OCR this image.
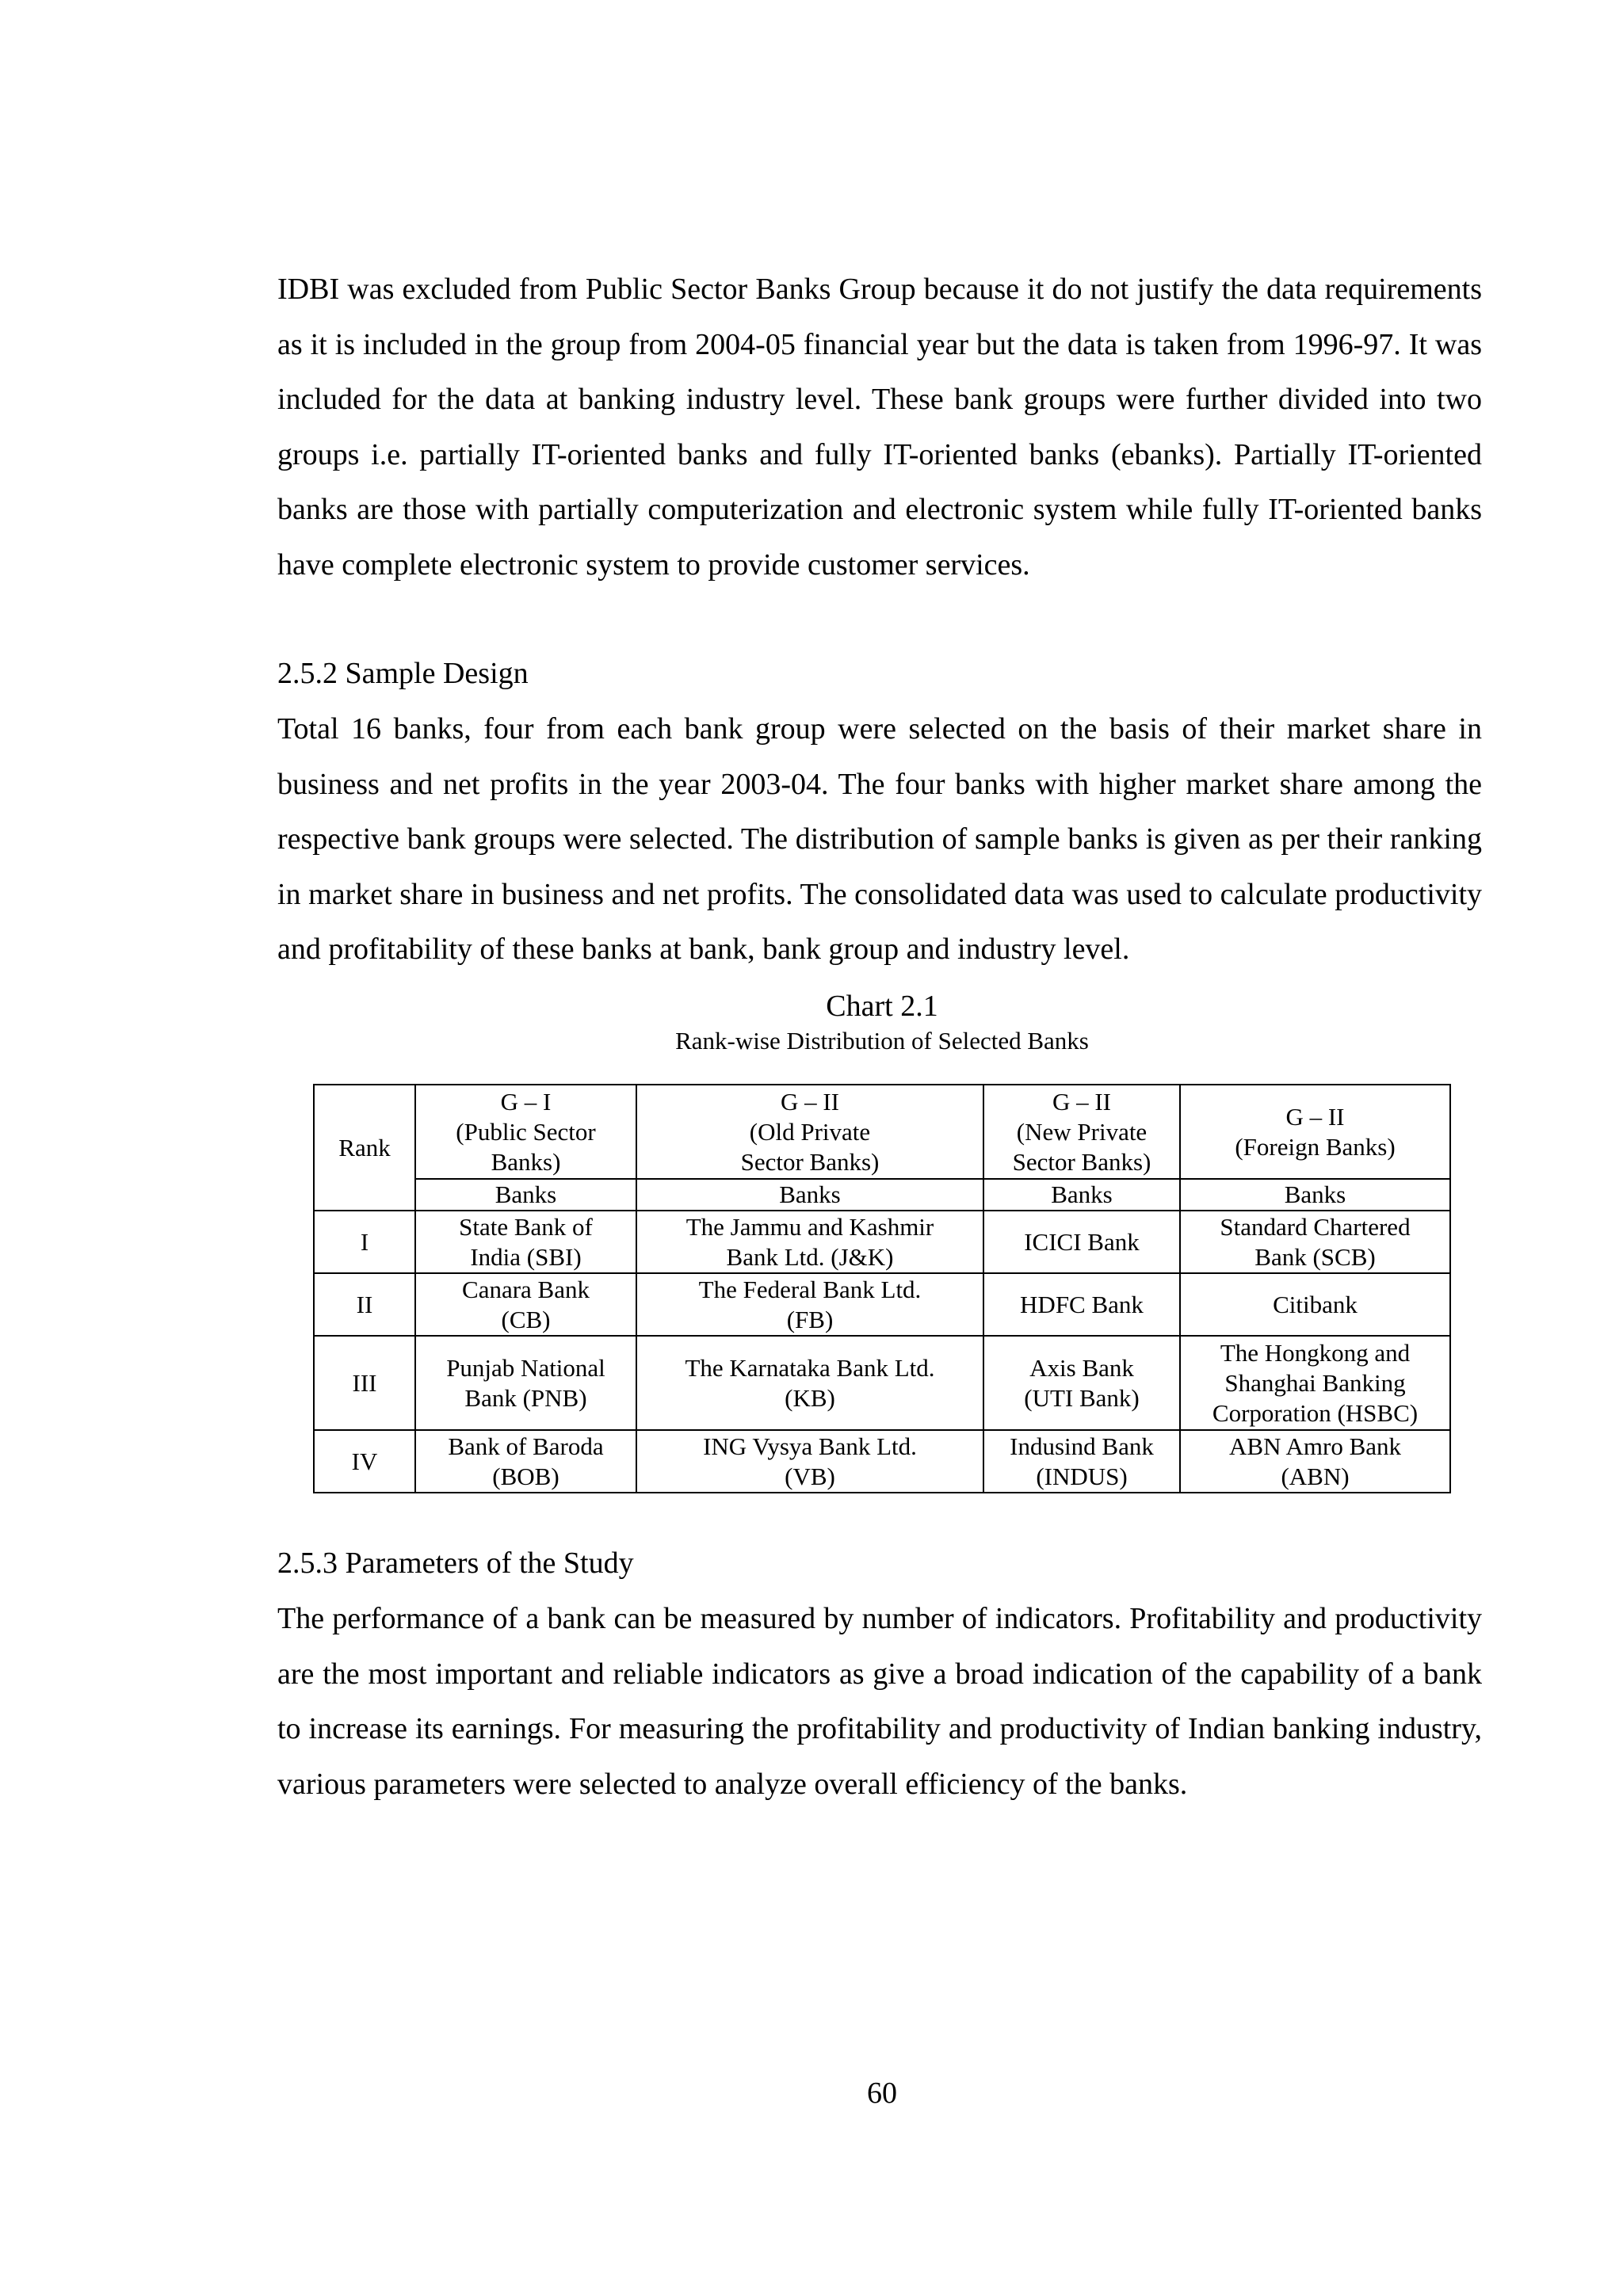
IDBI was excluded from Public Sector Banks Group because it do not justify the data requirements as it is included in the group from 2004-05 financial year but the data is taken from 1996-97. It was included for the data at banking industry level. These bank groups were further divided into two groups i.e. partially IT-oriented banks and fully IT-oriented banks (ebanks). Partially IT-oriented banks are those with partially computerization and electronic system while fully IT-oriented banks have complete electronic system to provide customer services.

2.5.2 Sample Design

Total 16 banks, four from each bank group were selected on the basis of their market share in business and net profits in the year 2003-04. The four banks with higher market share among the respective bank groups were selected. The distribution of sample banks is given as per their ranking in market share in business and net profits. The consolidated data was used to calculate productivity and profitability of these banks at bank, bank group and industry level.

Chart 2.1

Rank-wise Distribution of Selected Banks

Rank	G – I
(Public Sector
Banks)	G – II
(Old Private
Sector Banks)	G – II
(New Private
Sector Banks)	G – II
(Foreign Banks)

	Banks	Banks	Banks	Banks
I	State Bank of
India (SBI)	The Jammu and Kashmir
Bank Ltd. (J&K)	ICICI Bank	Standard Chartered
Bank (SCB)

II	Canara Bank
(CB)	The Federal Bank Ltd.
(FB)	HDFC Bank	Citibank

III	Punjab National
Bank (PNB)	The Karnataka Bank Ltd.
(KB)	Axis Bank
(UTI Bank)	The Hongkong and
Shanghai Banking
Corporation (HSBC)

IV	Bank of Baroda
(BOB)	ING Vysya Bank Ltd.
(VB)	Indusind Bank
(INDUS)	ABN Amro Bank
(ABN)

2.5.3 Parameters of the Study

The performance of a bank can be measured by number of indicators. Profitability and productivity are the most important and reliable indicators as give a broad indication of the capability of a bank to increase its earnings. For measuring the profitability and productivity of Indian banking industry, various parameters were selected to analyze overall efficiency of the banks.

60
